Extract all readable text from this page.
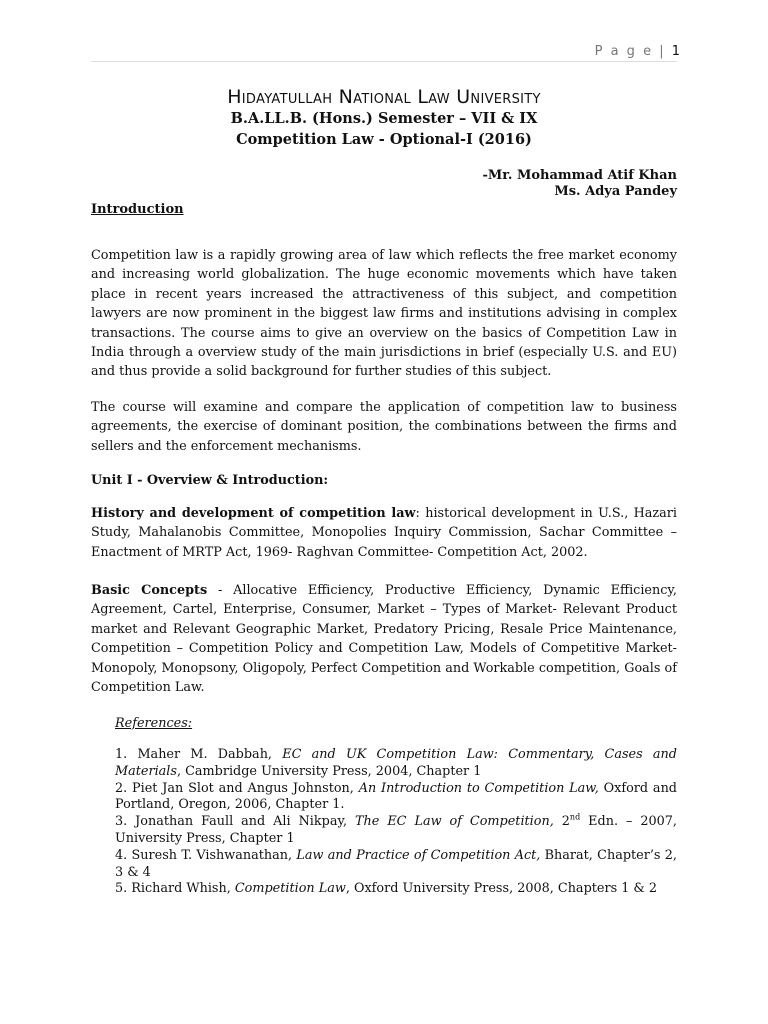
P a g e | 1
Hidayatullah National Law University
B.A.LL.B. (Hons.) Semester – VII & IX
Competition Law - Optional-I (2016)
-Mr. Mohammad Atif Khan
Ms. Adya Pandey
Introduction

Competition law is a rapidly growing area of law which reflects the free market economy and increasing world globalization. The huge economic movements which have taken place in recent years increased the attractiveness of this subject, and competition lawyers are now prominent in the biggest law firms and institutions advising in complex transactions. The course aims to give an overview on the basics of Competition Law in India through a overview study of the main jurisdictions in brief (especially U.S. and EU) and thus provide a solid background for further studies of this subject.

The course will examine and compare the application of competition law to business agreements, the exercise of dominant position, the combinations between the firms and sellers and the enforcement mechanisms.

Unit I - Overview & Introduction:

History and development of competition law: historical development in U.S., Hazari Study, Mahalanobis Committee, Monopolies Inquiry Commission, Sachar Committee – Enactment of MRTP Act, 1969- Raghvan Committee- Competition Act, 2002.

Basic Concepts - Allocative Efficiency, Productive Efficiency, Dynamic Efficiency, Agreement, Cartel, Enterprise, Consumer, Market – Types of Market- Relevant Product market and Relevant Geographic Market, Predatory Pricing, Resale Price Maintenance, Competition – Competition Policy and Competition Law, Models of Competitive Market- Monopoly, Monopsony, Oligopoly, Perfect Competition and Workable competition, Goals of Competition Law.

References:
1. Maher M. Dabbah, EC and UK Competition Law: Commentary, Cases and Materials, Cambridge University Press, 2004, Chapter 1
2. Piet Jan Slot and Angus Johnston, An Introduction to Competition Law, Oxford and Portland, Oregon, 2006, Chapter 1.
3. Jonathan Faull and Ali Nikpay, The EC Law of Competition, 2nd Edn. – 2007, University Press, Chapter 1
4. Suresh T. Vishwanathan, Law and Practice of Competition Act, Bharat, Chapter’s 2, 3 & 4
5. Richard Whish, Competition Law, Oxford University Press, 2008, Chapters 1 & 2
